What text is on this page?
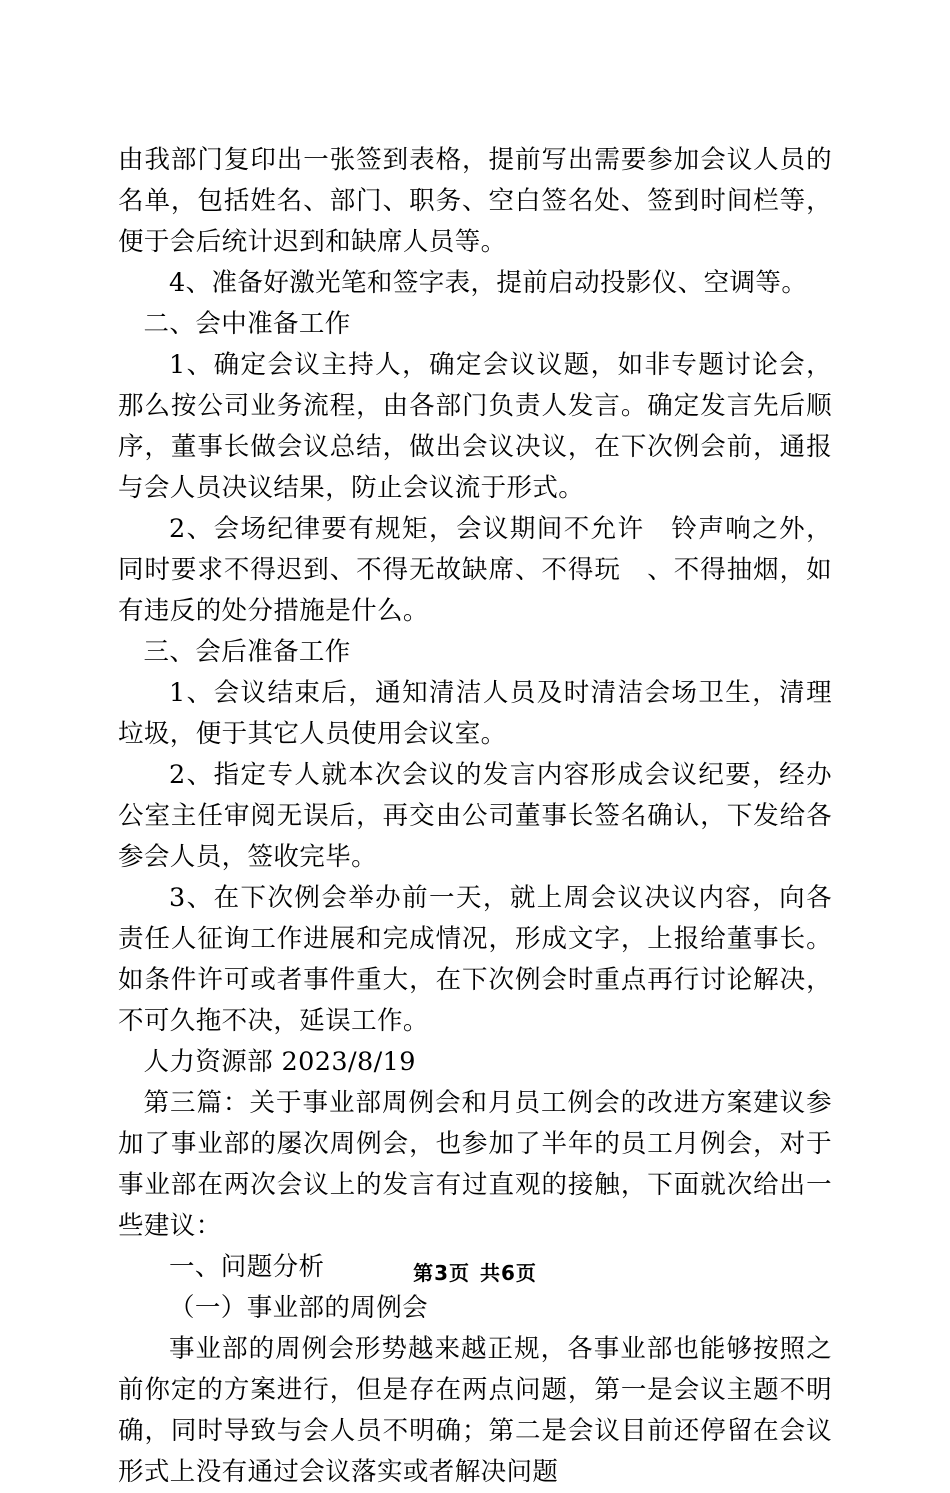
由我部门复印出一张签到表格，提前写出需要参加会议人员的名单，包括姓名、部门、职务、空白签名处、签到时间栏等，便于会后统计迟到和缺席人员等。

4、准备好激光笔和签字表，提前启动投影仪、空调等。

二、会中准备工作

1、确定会议主持人，确定会议议题，如非专题讨论会，那么按公司业务流程，由各部门负责人发言。确定发言先后顺序，董事长做会议总结，做出会议决议，在下次例会前，通报与会人员决议结果，防止会议流于形式。

2、会场纪律要有规矩，会议期间不允许　铃声响之外，同时要求不得迟到、不得无故缺席、不得玩　、不得抽烟，如有违反的处分措施是什么。

三、会后准备工作

1、会议结束后，通知清洁人员及时清洁会场卫生，清理垃圾，便于其它人员使用会议室。

2、指定专人就本次会议的发言内容形成会议纪要，经办公室主任审阅无误后，再交由公司董事长签名确认，下发给各参会人员，签收完毕。

3、在下次例会举办前一天，就上周会议决议内容，向各责任人征询工作进展和完成情况，形成文字，上报给董事长。如条件许可或者事件重大，在下次例会时重点再行讨论解决，不可久拖不决，延误工作。

人力资源部 2023/8/19

第三篇：关于事业部周例会和月员工例会的改进方案建议参加了事业部的屡次周例会，也参加了半年的员工月例会，对于事业部在两次会议上的发言有过直观的接触，下面就次给出一些建议：

一、问题分析

（一）事业部的周例会

事业部的周例会形势越来越正规，各事业部也能够按照之前你定的方案进行，但是存在两点问题，第一是会议主题不明确，同时导致与会人员不明确；第二是会议目前还停留在会议形式上没有通过会议落实或者解决问题

第3页 共6页
